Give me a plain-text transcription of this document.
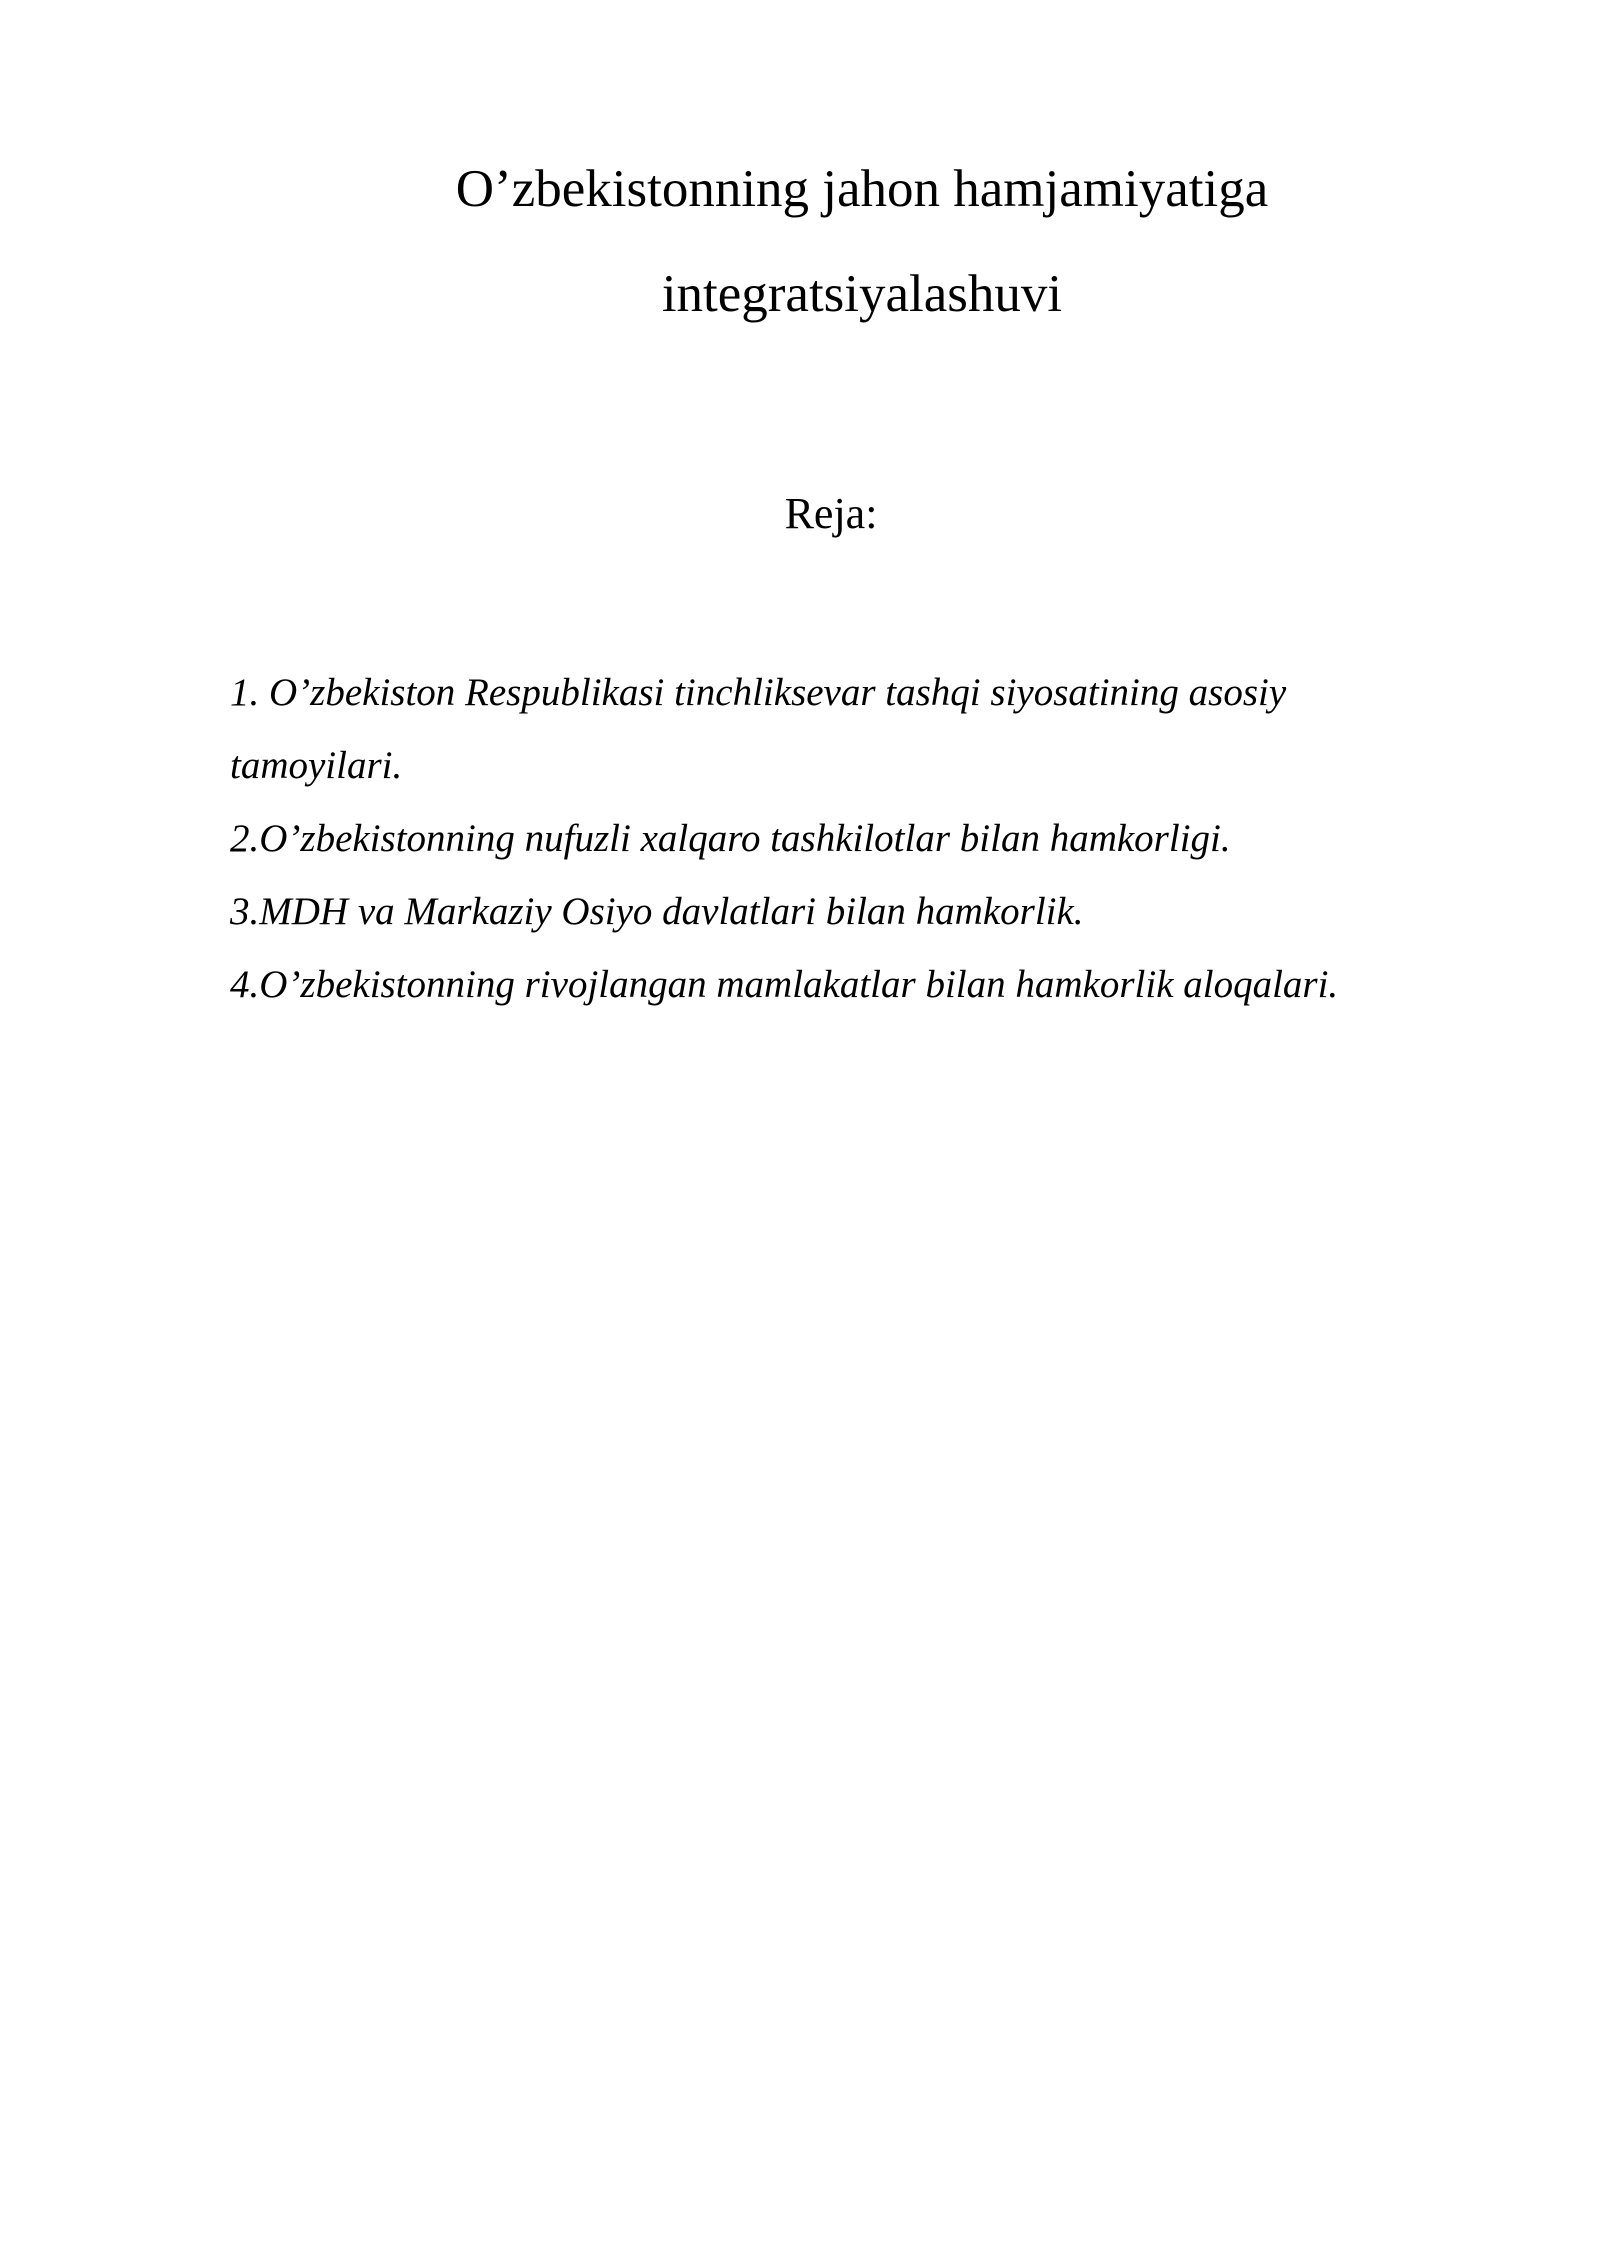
O’zbekistonning jahon hamjamiyatiga
integratsiyalashuvi
Reja:
1. O’zbekiston Respublikasi tinchliksevar tashqi siyosatining asosiy
tamoyilari.
2.O’zbekistonning nufuzli xalqaro tashkilotlar bilan hamkorligi.
3.MDH va Markaziy Osiyo davlatlari bilan hamkorlik.
4.O’zbekistonning rivojlangan mamlakatlar bilan hamkorlik aloqalari.
